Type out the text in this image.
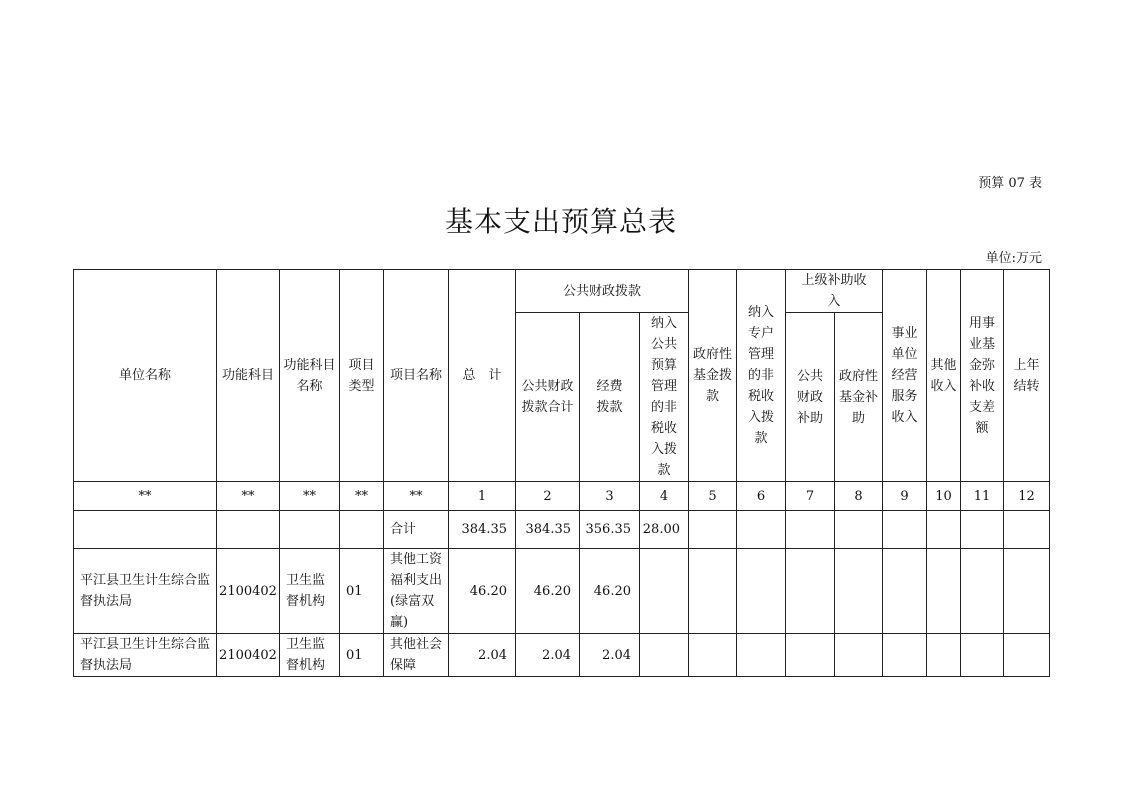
预算 07 表
基本支出预算总表
单位:万元
单位名称	功能科目	功能科目名称	项目类型	项目名称	总　计	公共财政拨款			政府性基金拨款	纳入专户管理的非税收入拨款	上级补助收入		事业单位经营服务收入	其他收入	用事业基金弥补收支差额	上年结转

						公共财政拨款合计	经费拨款	纳入公共预算管理的非税收入拨款			公共财政补助	政府性基金补助				

**	**	**	**	**	1	2	3	4	5	6	7	8	9	10	11	12
				合计	384.35	384.35	356.35	28.00								
平江县卫生计生综合监督执法局	2100402	卫生监督机构	01	其他工资福利支出(绿富双赢)	46.20	46.20	46.20									
平江县卫生计生综合监督执法局	2100402	卫生监督机构	01	其他社会保障	2.04	2.04	2.04									
